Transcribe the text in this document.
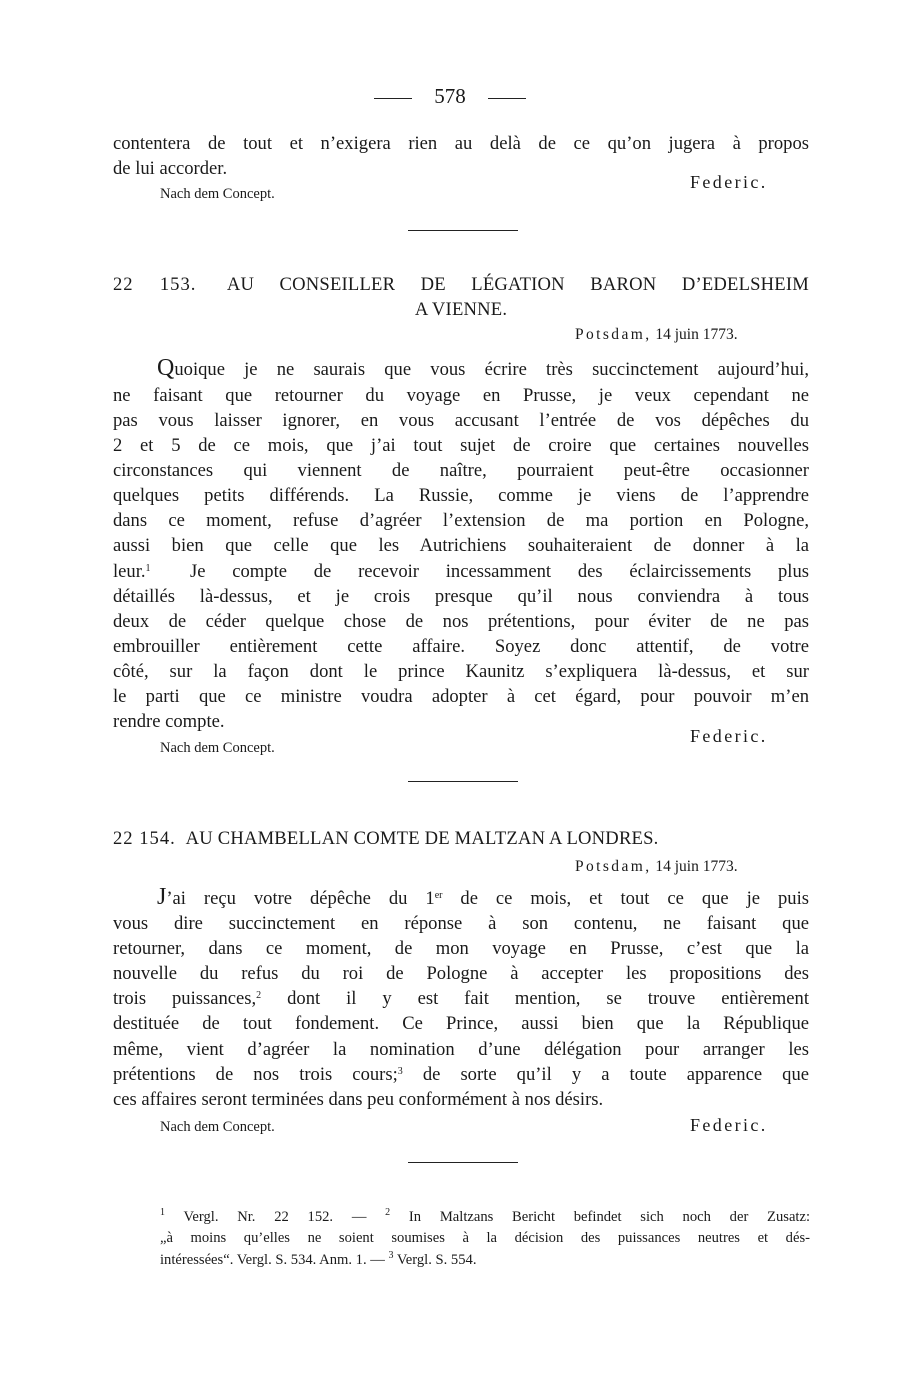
578
contentera de tout et n’exigera rien au delà de ce qu’on jugera à propos
de lui accorder.
Federic.
Nach dem Concept.
22 153. AU CONSEILLER DE LÉGATION BARON D’EDELSHEIM
A VIENNE.
Potsdam, 14 juin 1773.
Quoique je ne saurais que vous écrire très succinctement aujourd’hui,
ne faisant que retourner du voyage en Prusse, je veux cependant ne
pas vous laisser ignorer, en vous accusant l’entrée de vos dépêches du
2 et 5 de ce mois, que j’ai tout sujet de croire que certaines nouvelles
circonstances qui viennent de naître, pourraient peut-être occasionner
quelques petits différends. La Russie, comme je viens de l’apprendre
dans ce moment, refuse d’agréer l’extension de ma portion en Pologne,
aussi bien que celle que les Autrichiens souhaiteraient de donner à la
leur.$^1$	Je compte de recevoir incessamment des éclaircissements plus
détaillés là-dessus, et je crois presque qu’il nous conviendra à tous
deux de céder quelque chose de nos prétentions, pour éviter de ne pas
embrouiller entièrement cette affaire. Soyez donc attentif, de votre
côté, sur la façon dont le prince Kaunitz s’expliquera là-dessus, et sur
le parti que ce ministre voudra adopter à cet égard, pour pouvoir m’en
rendre compte.
Federic.
Nach dem Concept.
22 154. AU CHAMBELLAN COMTE DE MALTZAN A LONDRES.
Potsdam, 14 juin 1773.
J’ai reçu votre dépêche du 1er de ce mois, et tout ce que je puis
vous dire succinctement en réponse à son contenu, ne faisant que
retourner, dans ce moment, de mon voyage en Prusse, c’est que la
nouvelle du refus du roi de Pologne à accepter les propositions des
trois puissances,$^2$ dont il y est fait mention, se trouve entièrement
destituée de tout fondement. Ce Prince, aussi bien que la République
même, vient d’agréer la nomination d’une délégation pour arranger les
prétentions de nos trois cours;$^3$ de sorte qu’il y a toute apparence que
ces affaires seront terminées dans peu conformément à nos désirs.
Nach dem Concept.	Federic.
$^1$ Vergl. Nr. 22 152. — $^2$ In Maltzans Bericht befindet sich noch der Zusatz:
„à moins qu’elles ne soient soumises à la décision des puissances neutres et dés-
intéressées“. Vergl. S. 534. Anm. 1. — $^3$ Vergl. S. 554.
